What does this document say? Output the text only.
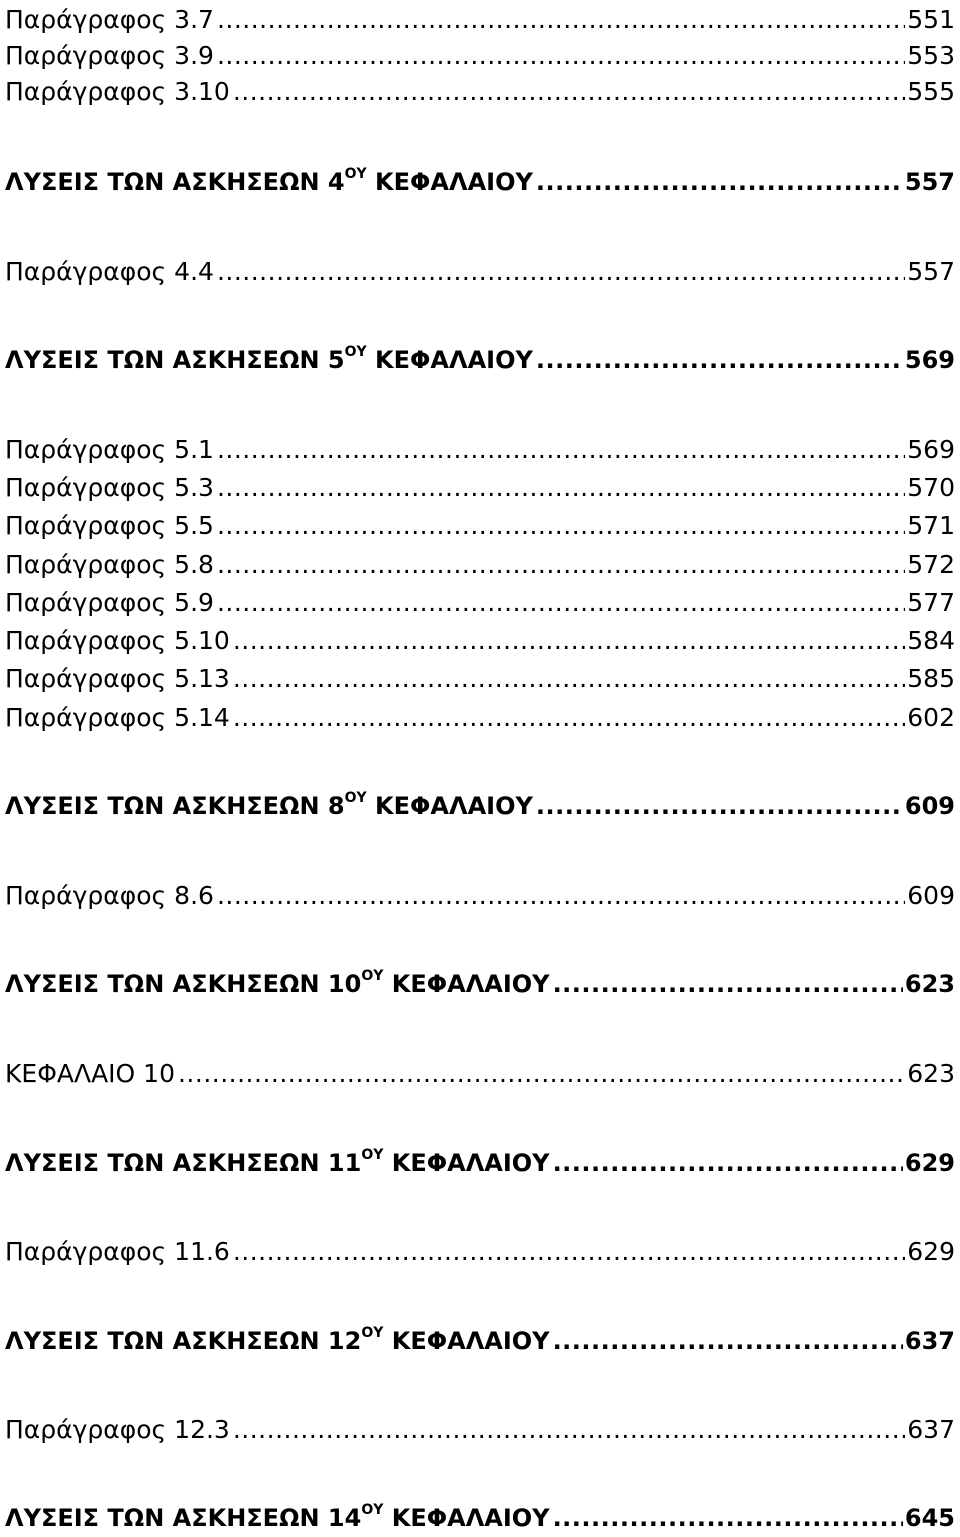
Παράγραφος 3.7 .....	551
Παράγραφος 3.9 .....	553
Παράγραφος 3.10 .....	555
ΛΥΣΕΙΣ ΤΩΝ ΑΣΚΗΣΕΩΝ $4^{O\Upsilon}$ ΚΕΦΑΛΑΙΟΥ .....	557
Παράγραφος 4.4 .....	557
ΛΥΣΕΙΣ ΤΩΝ ΑΣΚΗΣΕΩΝ $5^{O\Upsilon}$ ΚΕΦΑΛΑΙΟΥ .....	569
Παράγραφος 5.1 .....	569
Παράγραφος 5.3 .....	570
Παράγραφος 5.5 .....	571
Παράγραφος 5.8 .....	572
Παράγραφος 5.9 .....	577
Παράγραφος 5.10 .....	584
Παράγραφος 5.13 .....	585
Παράγραφος 5.14 .....	602
ΛΥΣΕΙΣ ΤΩΝ ΑΣΚΗΣΕΩΝ $8^{O\Upsilon}$ ΚΕΦΑΛΑΙΟΥ .....	609
Παράγραφος 8.6 .....	609
ΛΥΣΕΙΣ ΤΩΝ ΑΣΚΗΣΕΩΝ $10^{O\Upsilon}$ ΚΕΦΑΛΑΙΟΥ .....	623
ΚΕΦΑΛΑΙΟ 10 .....	623
ΛΥΣΕΙΣ ΤΩΝ ΑΣΚΗΣΕΩΝ $11^{O\Upsilon}$ ΚΕΦΑΛΑΙΟΥ .....	629
Παράγραφος 11.6 .....	629
ΛΥΣΕΙΣ ΤΩΝ ΑΣΚΗΣΕΩΝ $12^{O\Upsilon}$ ΚΕΦΑΛΑΙΟΥ .....	637
Παράγραφος 12.3 .....	637
ΛΥΣΕΙΣ ΤΩΝ ΑΣΚΗΣΕΩΝ $14^{O\Upsilon}$ ΚΕΦΑΛΑΙΟΥ .....	645
